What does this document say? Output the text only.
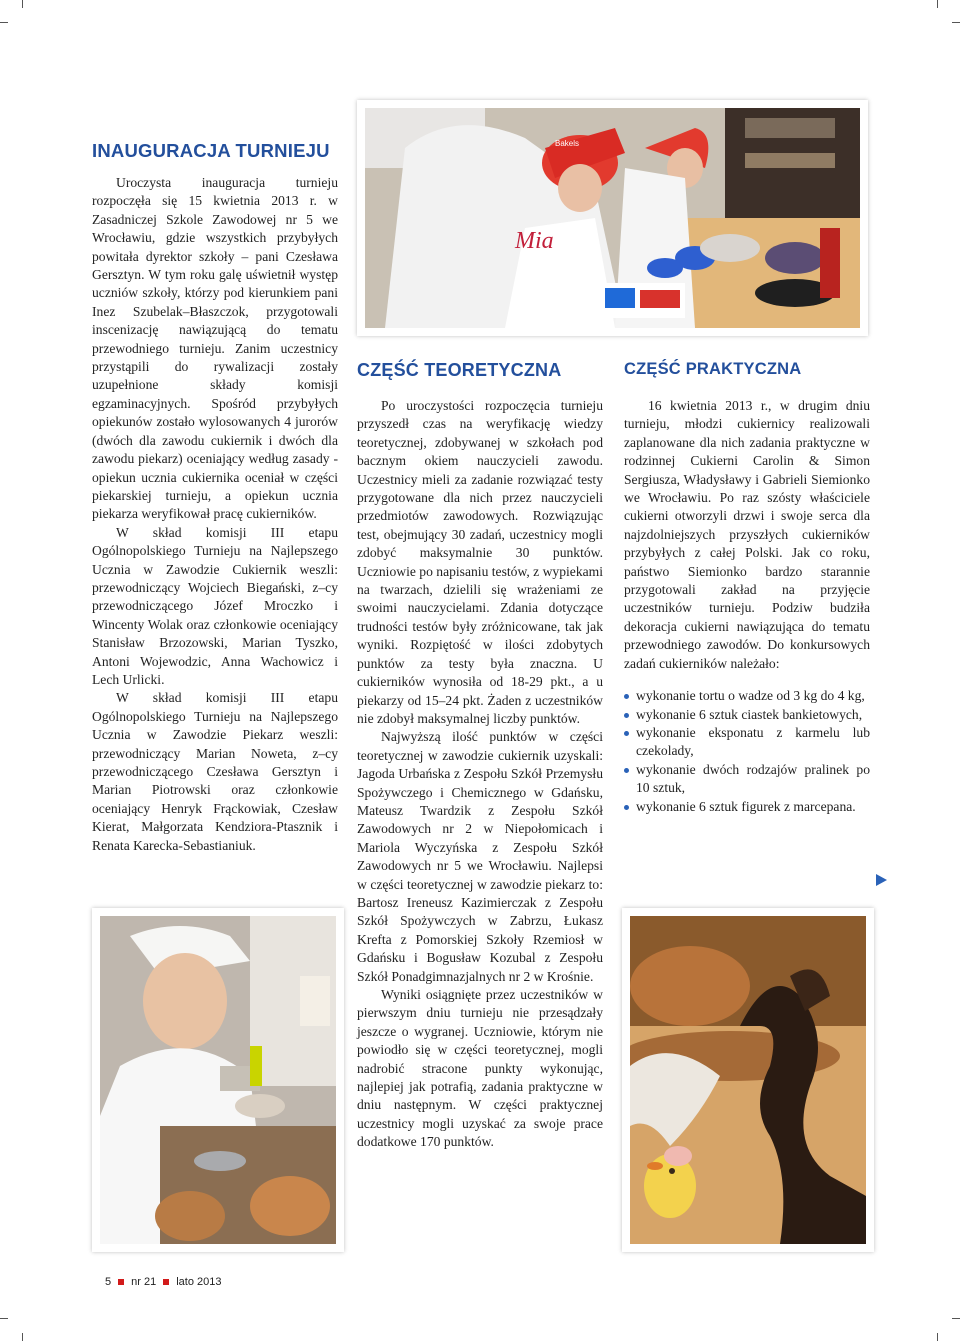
INAUGURACJA TURNIEJU

Uroczysta inauguracja turnieju rozpoczęła się 15 kwietnia 2013 r. w Zasadniczej Szkole Zawodowej nr 5 we Wrocławiu, gdzie wszystkich przybyłych powitała dyrektor szkoły – pani Czesława Gersztyn. W tym roku galę uświetnił występ uczniów szkoły, którzy pod kierunkiem pani Inez Szubelak–Błaszczok, przygotowali inscenizację nawiązującą do tematu przewodniego turnieju. Zanim uczestnicy przystąpili do rywalizacji zostały uzupełnione składy komisji egzaminacyjnych. Spośród przybyłych opiekunów zostało wylosowanych 4 jurorów (dwóch dla zawodu cukiernik i dwóch dla zawodu piekarz) oceniający według zasady - opiekun ucznia cukiernika oceniał w części piekarskiej turnieju, a opiekun ucznia piekarza weryfikował pracę cukierników.

W skład komisji III etapu Ogólnopolskiego Turnieju na Najlepszego Ucznia w Zawodzie Cukiernik weszli: przewodniczący Wojciech Biegański, z–cy przewodniczącego Józef Mroczko i Wincenty Wolak oraz członkowie oceniający Stanisław Brzozowski, Marian Tyszko, Antoni Wojewodzic, Anna Wachowicz i Lech Urlicki.

W skład komisji III etapu Ogólnopolskiego Turnieju na Najlepszego Ucznia w Zawodzie Piekarz weszli: przewodniczący Marian Noweta, z–cy przewodniczącego Czesława Gersztyn i Marian Piotrowski oraz członkowie oceniający Henryk Frąckowiak, Czesław Kierat, Małgorzata Kendziora-Ptasznik i Renata Karecka-Sebastianiuk.

Mia
Bakels
CZĘŚĆ TEORETYCZNA

Po uroczystości rozpoczęcia turnieju przyszedł czas na weryfikację wiedzy teoretycznej, zdobywanej w szkołach pod bacznym okiem nauczycieli zawodu. Uczestnicy mieli za zadanie rozwiązać testy przygotowane dla nich przez nauczycieli przedmiotów zawodowych. Rozwiązując test, obejmujący 30 zadań, uczestnicy mogli zdobyć maksymalnie 30 punktów. Uczniowie po napisaniu testów, z wypiekami na twarzach, dzielili się wrażeniami ze swoimi nauczycielami. Zdania dotyczące trudności testów były zróżnicowane, tak jak wyniki. Rozpiętość w ilości zdobytych punktów za testy była znaczna. U cukierników wynosiła od 18-29 pkt., a u piekarzy od 15–24 pkt. Żaden z uczestników nie zdobył maksymalnej liczby punktów.

Najwyższą ilość punktów w części teoretycznej w zawodzie cukiernik uzyskali: Jagoda Urbańska z Zespołu Szkół Przemysłu Spożywczego i Chemicznego w Gdańsku, Mateusz Twardzik z Zespołu Szkół Zawodowych nr 2 w Niepołomicach i Mariola Wyczyńska z Zespołu Szkół Zawodowych nr 5 we Wrocławiu. Najlepsi w części teoretycznej w zawodzie piekarz to: Bartosz Ireneusz Kazimierczak z Zespołu Szkół Spożywczych w Zabrzu, Łukasz Krefta z Pomorskiej Szkoły Rzemiosł w Gdańsku i Bogusław Kozubal z Zespołu Szkół Ponadgimnazjalnych nr 2 w Krośnie.

Wyniki osiągnięte przez uczestników w pierwszym dniu turnieju nie przesądzały jeszcze o wygranej. Uczniowie, którym nie powiodło się w części teoretycznej, mogli nadrobić stracone punkty wykonując, najlepiej jak potrafią, zadania praktyczne w dniu następnym. W części praktycznej uczestnicy mogli uzyskać za swoje prace dodatkowe 170 punktów.

CZĘŚĆ PRAKTYCZNA

16 kwietnia 2013 r., w drugim dniu turnieju, młodzi cukiernicy realizowali zaplanowane dla nich zadania praktyczne w rodzinnej Cukierni Carolin & Simon Sergiusza, Władysławy i Gabrieli Siemionko we Wrocławiu. Po raz szósty właściciele cukierni otworzyli drzwi i swoje serca dla najzdolniejszych przyszłych cukierników przybyłych z całej Polski. Jak co roku, państwo Siemionko bardzo starannie przygotowali zakład na przyjęcie uczestników turnieju. Podziw budziła dekoracja cukierni nawiązująca do tematu przewodniego zawodów. Do konkursowych zadań cukierników należało:

wykonanie tortu o wadze od 3 kg do 4 kg,
wykonanie 6 sztuk ciastek bankietowych,
wykonanie eksponatu z karmelu lub czekolady,
wykonanie dwóch rodzajów pralinek po 10 sztuk,
wykonanie 6 sztuk figurek z marcepana.
5 nr 21 lato 2013
